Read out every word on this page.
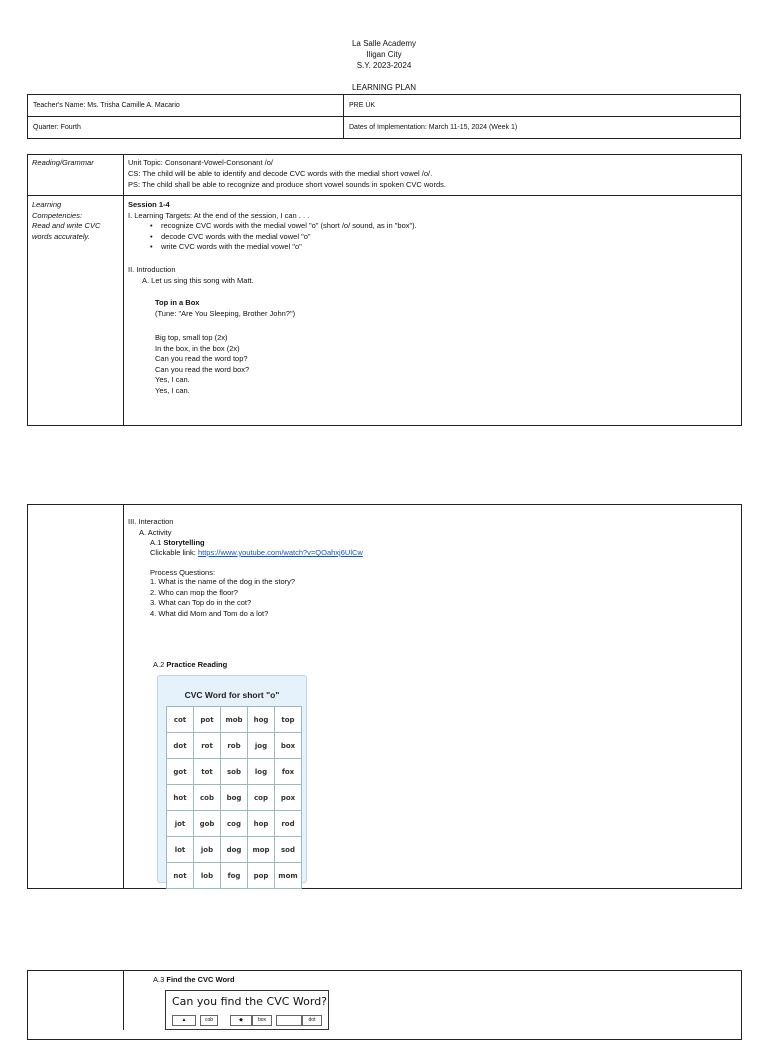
La Salle Academy
Iligan City
S.Y. 2023-2024
LEARNING PLAN
Teacher's Name: Ms. Trisha Camille A. Macario	PRE UK
Quarter: Fourth	Dates of Implementation: March 11-15, 2024 (Week 1)
Reading/Grammar	Unit Topic: Consonant-Vowel-Consonant /o/
CS: The child will be able to identify and decode CVC words with the medial short vowel /o/.
PS: The child shall be able to recognize and produce short vowel sounds in spoken CVC words.
Learning
Competencies:
Read and write CVC
words accurately.
Session 1-4
I. Learning Targets: At the end of the session, I can . . .
• recognize CVC words with the medial vowel "o" (short /o/ sound, as in "box").
• decode CVC words with the medial vowel "o"
• write CVC words with the medial vowel "o"
II. Introduction
A. Let us sing this song with Matt.
Top in a Box
(Tune: "Are You Sleeping, Brother John?")
Big top, small top (2x)
In the box, in the box (2x)
Can you read the word top?
Can you read the word box?
Yes, I can.
Yes, I can.
III. Interaction
A. Activity
A.1 Storytelling
Clickable link: https://www.youtube.com/watch?v=QOahxj6UlCw
Process Questions:
1. What is the name of the dog in the story?
2. Who can mop the floor?
3. What can Top do in the cot?
4. What did Mom and Tom do a lot?
A.2 Practice Reading
CVC Word for short "o"
cot	pot	mob	hog	top
dot	rot	rob	jog	box
got	tot	sob	log	fox
hot	cob	bog	cop	pox
jot	gob	cog	hop	rod
lot	job	dog	mop	sod
not	lob	fog	pop	mom
A.3 Find the CVC Word
Can you find the CVC Word?
▲	cob	◆	box	dot
